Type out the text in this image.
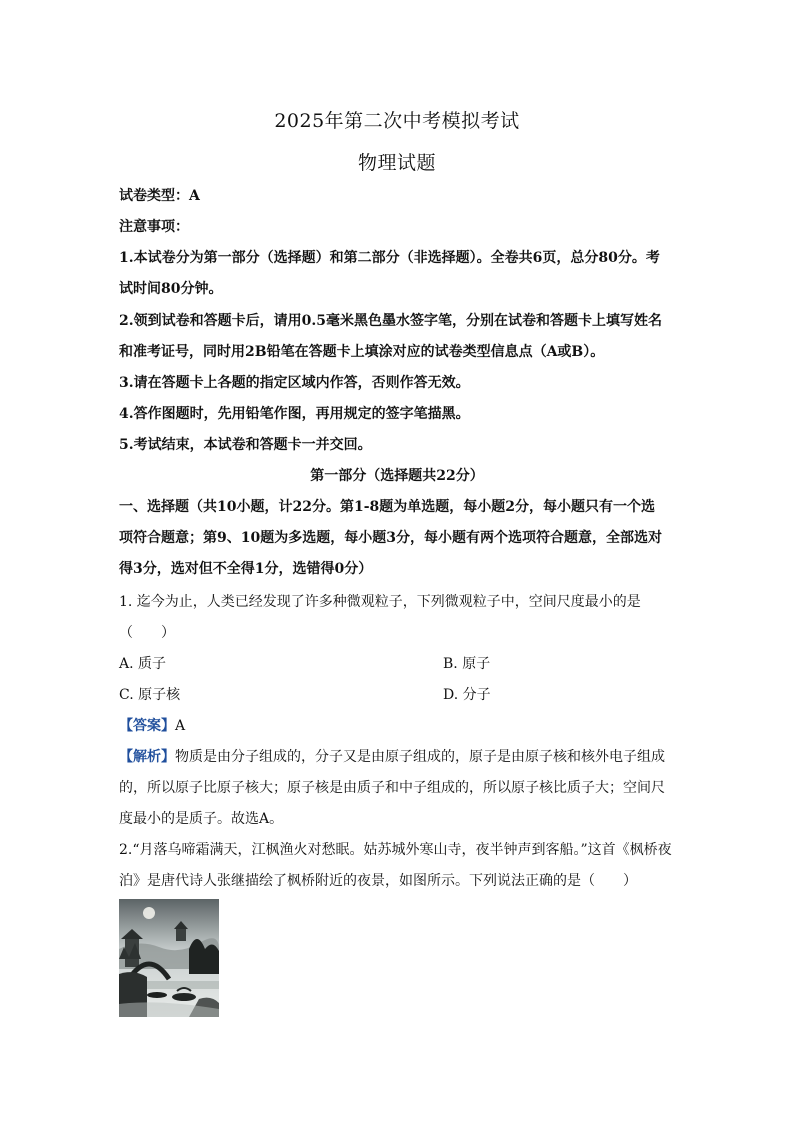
2025年第二次中考模拟考试
物理试题
试卷类型：A
注意事项：
1.本试卷分为第一部分（选择题）和第二部分（非选择题）。全卷共6页，总分80分。考
试时间80分钟。
2.领到试卷和答题卡后，请用0.5毫米黑色墨水签字笔，分别在试卷和答题卡上填写姓名
和准考证号，同时用2B铅笔在答题卡上填涂对应的试卷类型信息点（A或B）。
3.请在答题卡上各题的指定区域内作答，否则作答无效。
4.答作图题时，先用铅笔作图，再用规定的签字笔描黑。
5.考试结束，本试卷和答题卡一并交回。
第一部分（选择题共22分）
一、选择题（共10小题，计22分。第1-8题为单选题，每小题2分，每小题只有一个选
项符合题意；第9、10题为多选题，每小题3分，每小题有两个选项符合题意，全部选对
得3分，选对但不全得1分，选错得0分）
1. 迄今为止，人类已经发现了许多种微观粒子，下列微观粒子中，空间尺度最小的是
（　　）
A. 质子	B. 原子
C. 原子核	D. 分子
【答案】A
【解析】物质是由分子组成的，分子又是由原子组成的，原子是由原子核和核外电子组成
的，所以原子比原子核大；原子核是由质子和中子组成的，所以原子核比质子大；空间尺
度最小的是质子。故选A。
2.“月落乌啼霜满天，江枫渔火对愁眠。姑苏城外寒山寺，夜半钟声到客船。”这首《枫桥夜
泊》是唐代诗人张继描绘了枫桥附近的夜景，如图所示。下列说法正确的是（　　）
